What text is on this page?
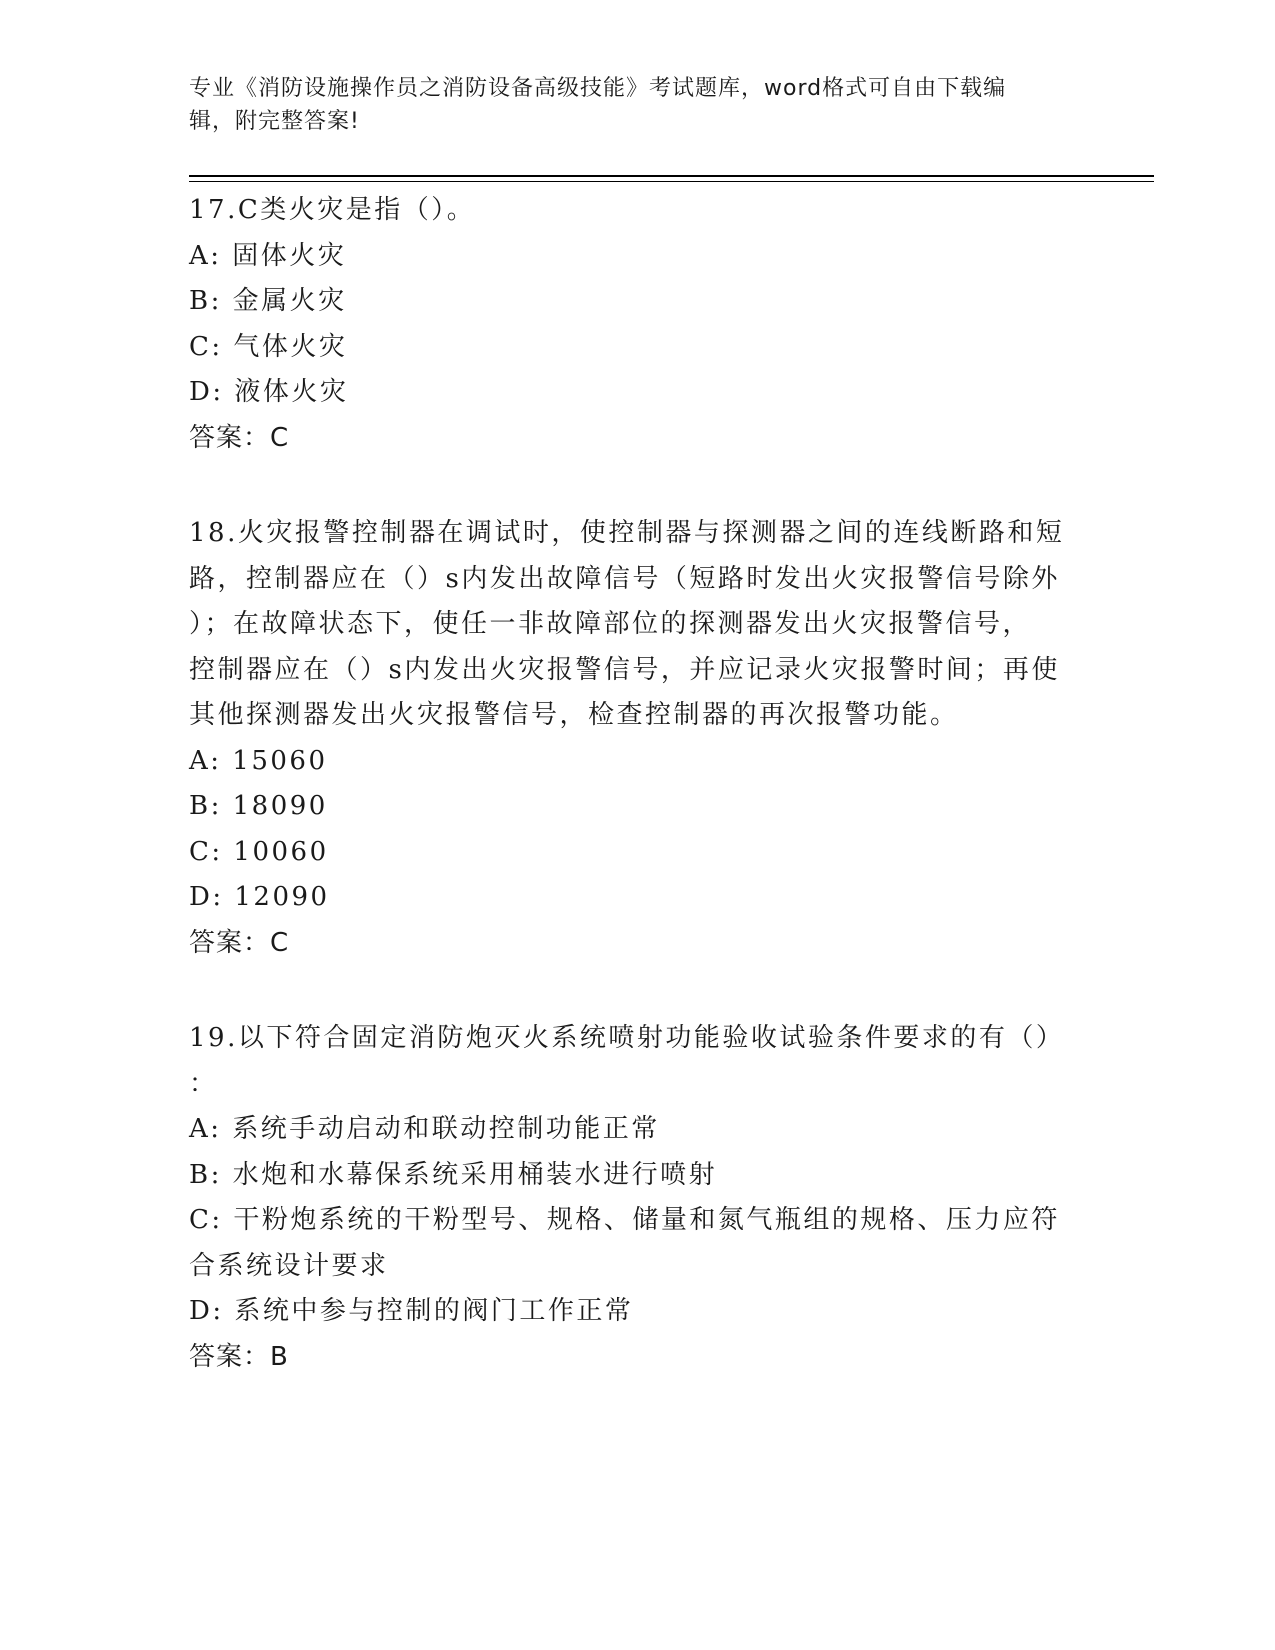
专业《消防设施操作员之消防设备高级技能》考试题库，word格式可自由下载编
辑，附完整答案!
17.C类火灾是指（）。
A: 固体火灾
B: 金属火灾
C: 气体火灾
D: 液体火灾
答案：C
18.火灾报警控制器在调试时，使控制器与探测器之间的连线断路和短
路，控制器应在（）s内发出故障信号（短路时发出火灾报警信号除外
）；在故障状态下，使任一非故障部位的探测器发出火灾报警信号，
控制器应在（）s内发出火灾报警信号，并应记录火灾报警时间；再使
其他探测器发出火灾报警信号，检查控制器的再次报警功能。
A: 15060
B: 18090
C: 10060
D: 12090
答案：C
19.以下符合固定消防炮灭火系统喷射功能验收试验条件要求的有（）
：
A: 系统手动启动和联动控制功能正常
B: 水炮和水幕保系统采用桶装水进行喷射
C: 干粉炮系统的干粉型号、规格、储量和氮气瓶组的规格、压力应符
合系统设计要求
D: 系统中参与控制的阀门工作正常
答案：B
